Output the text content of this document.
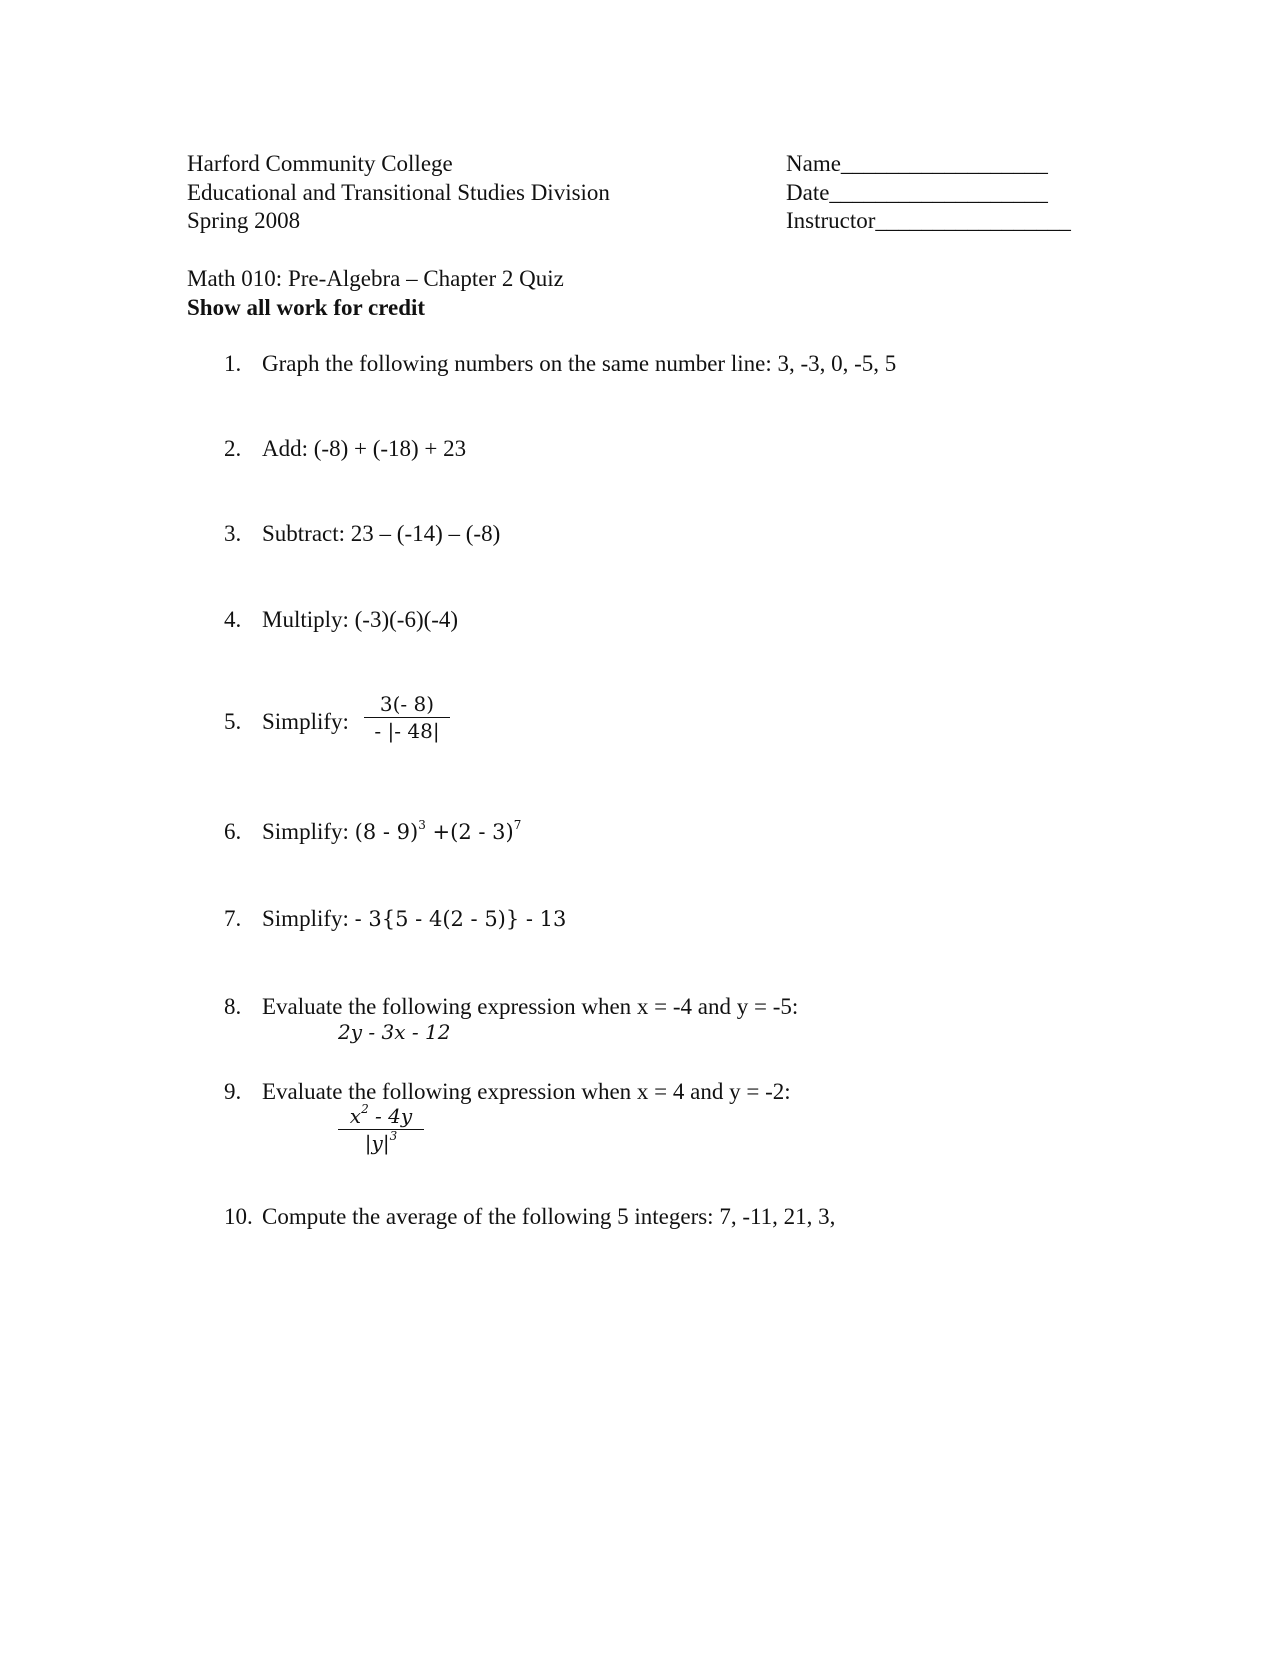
Harford Community College
Educational and Transitional Studies Division
Spring 2008
Name__________________
Date___________________
Instructor_________________
Math 010: Pre-Algebra – Chapter 2 Quiz
Show all work for credit
1. Graph the following numbers on the same number line: 3, -3, 0, -5, 5
2. Add: (-8) + (-18) + 23
3. Subtract: 23 – (-14) – (-8)
4. Multiply: (-3)(-6)(-4)
5. Simplify: $\frac{3(- 8)}{- |- 48|}$
6. Simplify: (8 - 9)$^3$ +(2 - 3)$^7$
7. Simplify: - 3{5 - 4(2 - 5)} - 13
8. Evaluate the following expression when x = -4 and y = -5:
2y - 3x - 12
9. Evaluate the following expression when x = 4 and y = -2:
$\frac{x^2 - 4y}{|y|^3}$
10. Compute the average of the following 5 integers: 7, -11, 21, 3,
